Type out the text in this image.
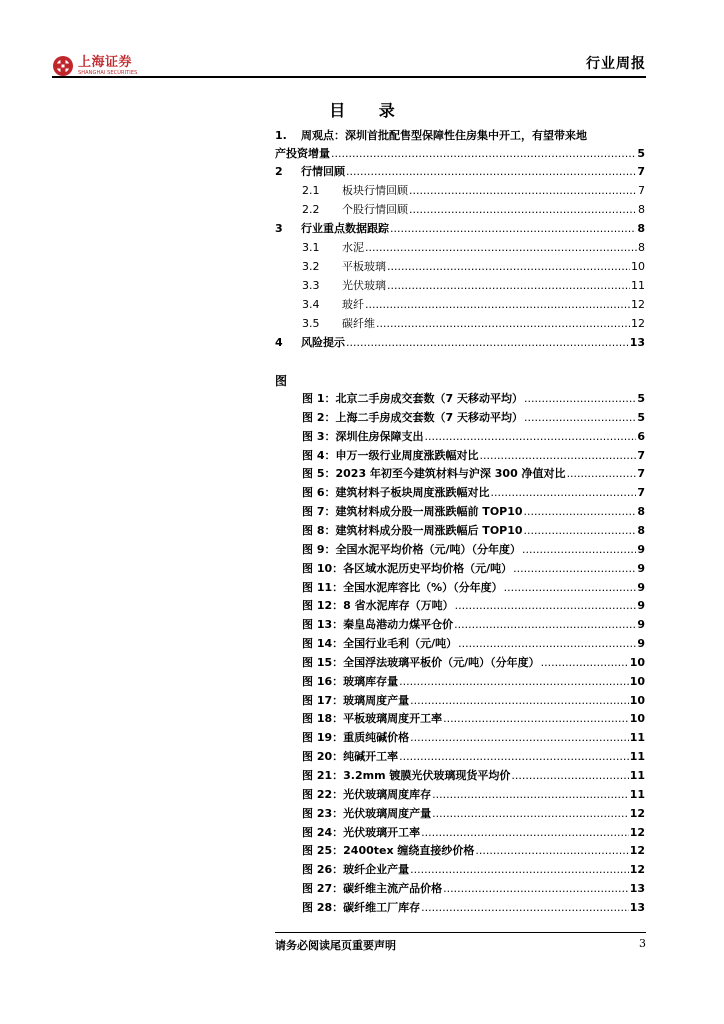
上海证券
SHANGHAI SECURITIES
行业周报
目 录
1. 周观点：深圳首批配售型保障性住房集中开工，有望带来地
产投资增量 .....	5
2	行情回顾 .....	7
2.1	板块行情回顾 .....	7
2.2	个股行情回顾 .....	8
3	行业重点数据跟踪 .....	8
3.1	水泥 .....	8
3.2	平板玻璃 .....	10
3.3	光伏玻璃 .....	11
3.4	玻纤 .....	12
3.5	碳纤维 .....	12
4	风险提示 .....	13
图
图 1：北京二手房成交套数（7 天移动平均） .....	5
图 2：上海二手房成交套数（7 天移动平均） .....	5
图 3：深圳住房保障支出 .....	6
图 4：申万一级行业周度涨跌幅对比 .....	7
图 5：2023 年初至今建筑材料与沪深 300 净值对比 .....	7
图 6：建筑材料子板块周度涨跌幅对比 .....	7
图 7：建筑材料成分股一周涨跌幅前 TOP10 .....	8
图 8：建筑材料成分股一周涨跌幅后 TOP10 .....	8
图 9：全国水泥平均价格（元/吨）（分年度） .....	9
图 10：各区域水泥历史平均价格（元/吨） .....	9
图 11：全国水泥库容比（%）（分年度） .....	9
图 12：8 省水泥库存（万吨） .....	9
图 13：秦皇岛港动力煤平仓价 .....	9
图 14：全国行业毛利（元/吨） .....	9
图 15：全国浮法玻璃平板价（元/吨）（分年度） .....	10
图 16：玻璃库存量 .....	10
图 17：玻璃周度产量 .....	10
图 18：平板玻璃周度开工率 .....	10
图 19：重质纯碱价格 .....	11
图 20：纯碱开工率 .....	11
图 21：3.2mm 镀膜光伏玻璃现货平均价 .....	11
图 22：光伏玻璃周度库存 .....	11
图 23：光伏玻璃周度产量 .....	12
图 24：光伏玻璃开工率 .....	12
图 25：2400tex 缠绕直接纱价格 .....	12
图 26：玻纤企业产量 .....	12
图 27：碳纤维主流产品价格 .....	13
图 28：碳纤维工厂库存 .....	13
请务必阅读尾页重要声明	3
